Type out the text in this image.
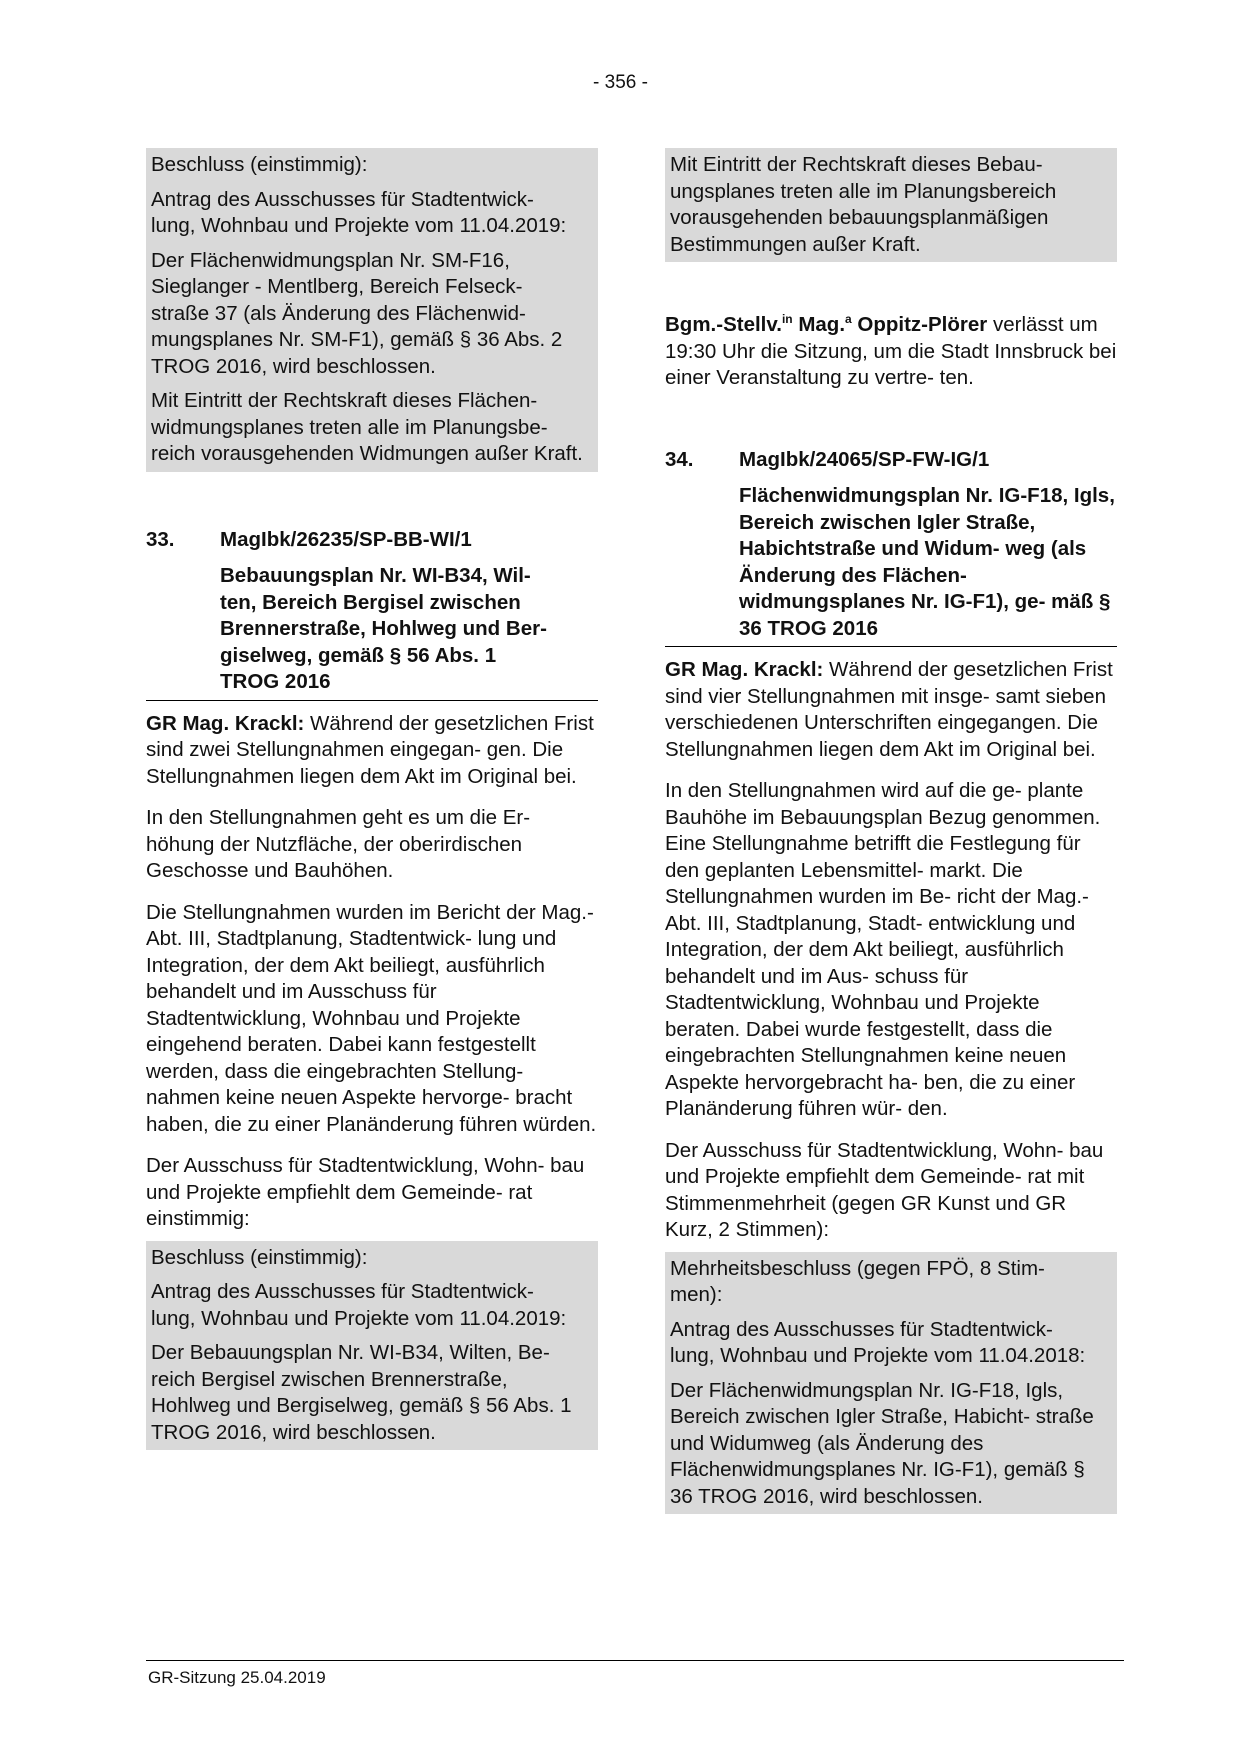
- 356 -

Beschluss (einstimmig):

Antrag des Ausschusses für Stadtentwick- lung, Wohnbau und Projekte vom 11.04.2019:

Der Flächenwidmungsplan Nr. SM-F16, Sieglanger - Mentlberg, Bereich Felseck- straße 37 (als Änderung des Flächenwid- mungsplanes Nr. SM-F1), gemäß § 36 Abs. 2 TROG 2016, wird beschlossen.

Mit Eintritt der Rechtskraft dieses Flächen- widmungsplanes treten alle im Planungsbe- reich vorausgehenden Widmungen außer Kraft.

33. MagIbk/26235/SP-BB-WI/1
Bebauungsplan Nr. WI-B34, Wil- ten, Bereich Bergisel zwischen Brennerstraße, Hohlweg und Ber- giselweg, gemäß § 56 Abs. 1 TROG 2016

GR Mag. Krackl: Während der gesetzlichen Frist sind zwei Stellungnahmen eingegan- gen. Die Stellungnahmen liegen dem Akt im Original bei.

In den Stellungnahmen geht es um die Er- höhung der Nutzfläche, der oberirdischen Geschosse und Bauhöhen.

Die Stellungnahmen wurden im Bericht der Mag.-Abt. III, Stadtplanung, Stadtentwick- lung und Integration, der dem Akt beiliegt, ausführlich behandelt und im Ausschuss für Stadtentwicklung, Wohnbau und Projekte eingehend beraten. Dabei kann festgestellt werden, dass die eingebrachten Stellung- nahmen keine neuen Aspekte hervorge- bracht haben, die zu einer Planänderung führen würden.

Der Ausschuss für Stadtentwicklung, Wohn- bau und Projekte empfiehlt dem Gemeinde- rat einstimmig:

Beschluss (einstimmig):

Antrag des Ausschusses für Stadtentwick- lung, Wohnbau und Projekte vom 11.04.2019:

Der Bebauungsplan Nr. WI-B34, Wilten, Be- reich Bergisel zwischen Brennerstraße, Hohlweg und Bergiselweg, gemäß § 56 Abs. 1 TROG 2016, wird beschlossen.

Mit Eintritt der Rechtskraft dieses Bebau- ungsplanes treten alle im Planungsbereich vorausgehenden bebauungsplanmäßigen Bestimmungen außer Kraft.

Bgm.-Stellv.$^{in}$ Mag.$^a$ Oppitz-Plörer verlässt um 19:30 Uhr die Sitzung, um die Stadt Innsbruck bei einer Veranstaltung zu vertre- ten.

34. MagIbk/24065/SP-FW-IG/1
Flächenwidmungsplan Nr. IG-F18, Igls, Bereich zwischen Igler Straße, Habichtstraße und Widum- weg (als Änderung des Flächen- widmungsplanes Nr. IG-F1), ge- mäß § 36 TROG 2016

GR Mag. Krackl: Während der gesetzlichen Frist sind vier Stellungnahmen mit insge- samt sieben verschiedenen Unterschriften eingegangen. Die Stellungnahmen liegen dem Akt im Original bei.

In den Stellungnahmen wird auf die ge- plante Bauhöhe im Bebauungsplan Bezug genommen. Eine Stellungnahme betrifft die Festlegung für den geplanten Lebensmittel- markt. Die Stellungnahmen wurden im Be- richt der Mag.-Abt. III, Stadtplanung, Stadt- entwicklung und Integration, der dem Akt beiliegt, ausführlich behandelt und im Aus- schuss für Stadtentwicklung, Wohnbau und Projekte beraten. Dabei wurde festgestellt, dass die eingebrachten Stellungnahmen keine neuen Aspekte hervorgebracht ha- ben, die zu einer Planänderung führen wür- den.

Der Ausschuss für Stadtentwicklung, Wohn- bau und Projekte empfiehlt dem Gemeinde- rat mit Stimmenmehrheit (gegen GR Kunst und GR Kurz, 2 Stimmen):

Mehrheitsbeschluss (gegen FPÖ, 8 Stim- men):

Antrag des Ausschusses für Stadtentwick- lung, Wohnbau und Projekte vom 11.04.2018:

Der Flächenwidmungsplan Nr. IG-F18, Igls, Bereich zwischen Igler Straße, Habicht- straße und Widumweg (als Änderung des Flächenwidmungsplanes Nr. IG-F1), gemäß § 36 TROG 2016, wird beschlossen.

GR-Sitzung 25.04.2019
